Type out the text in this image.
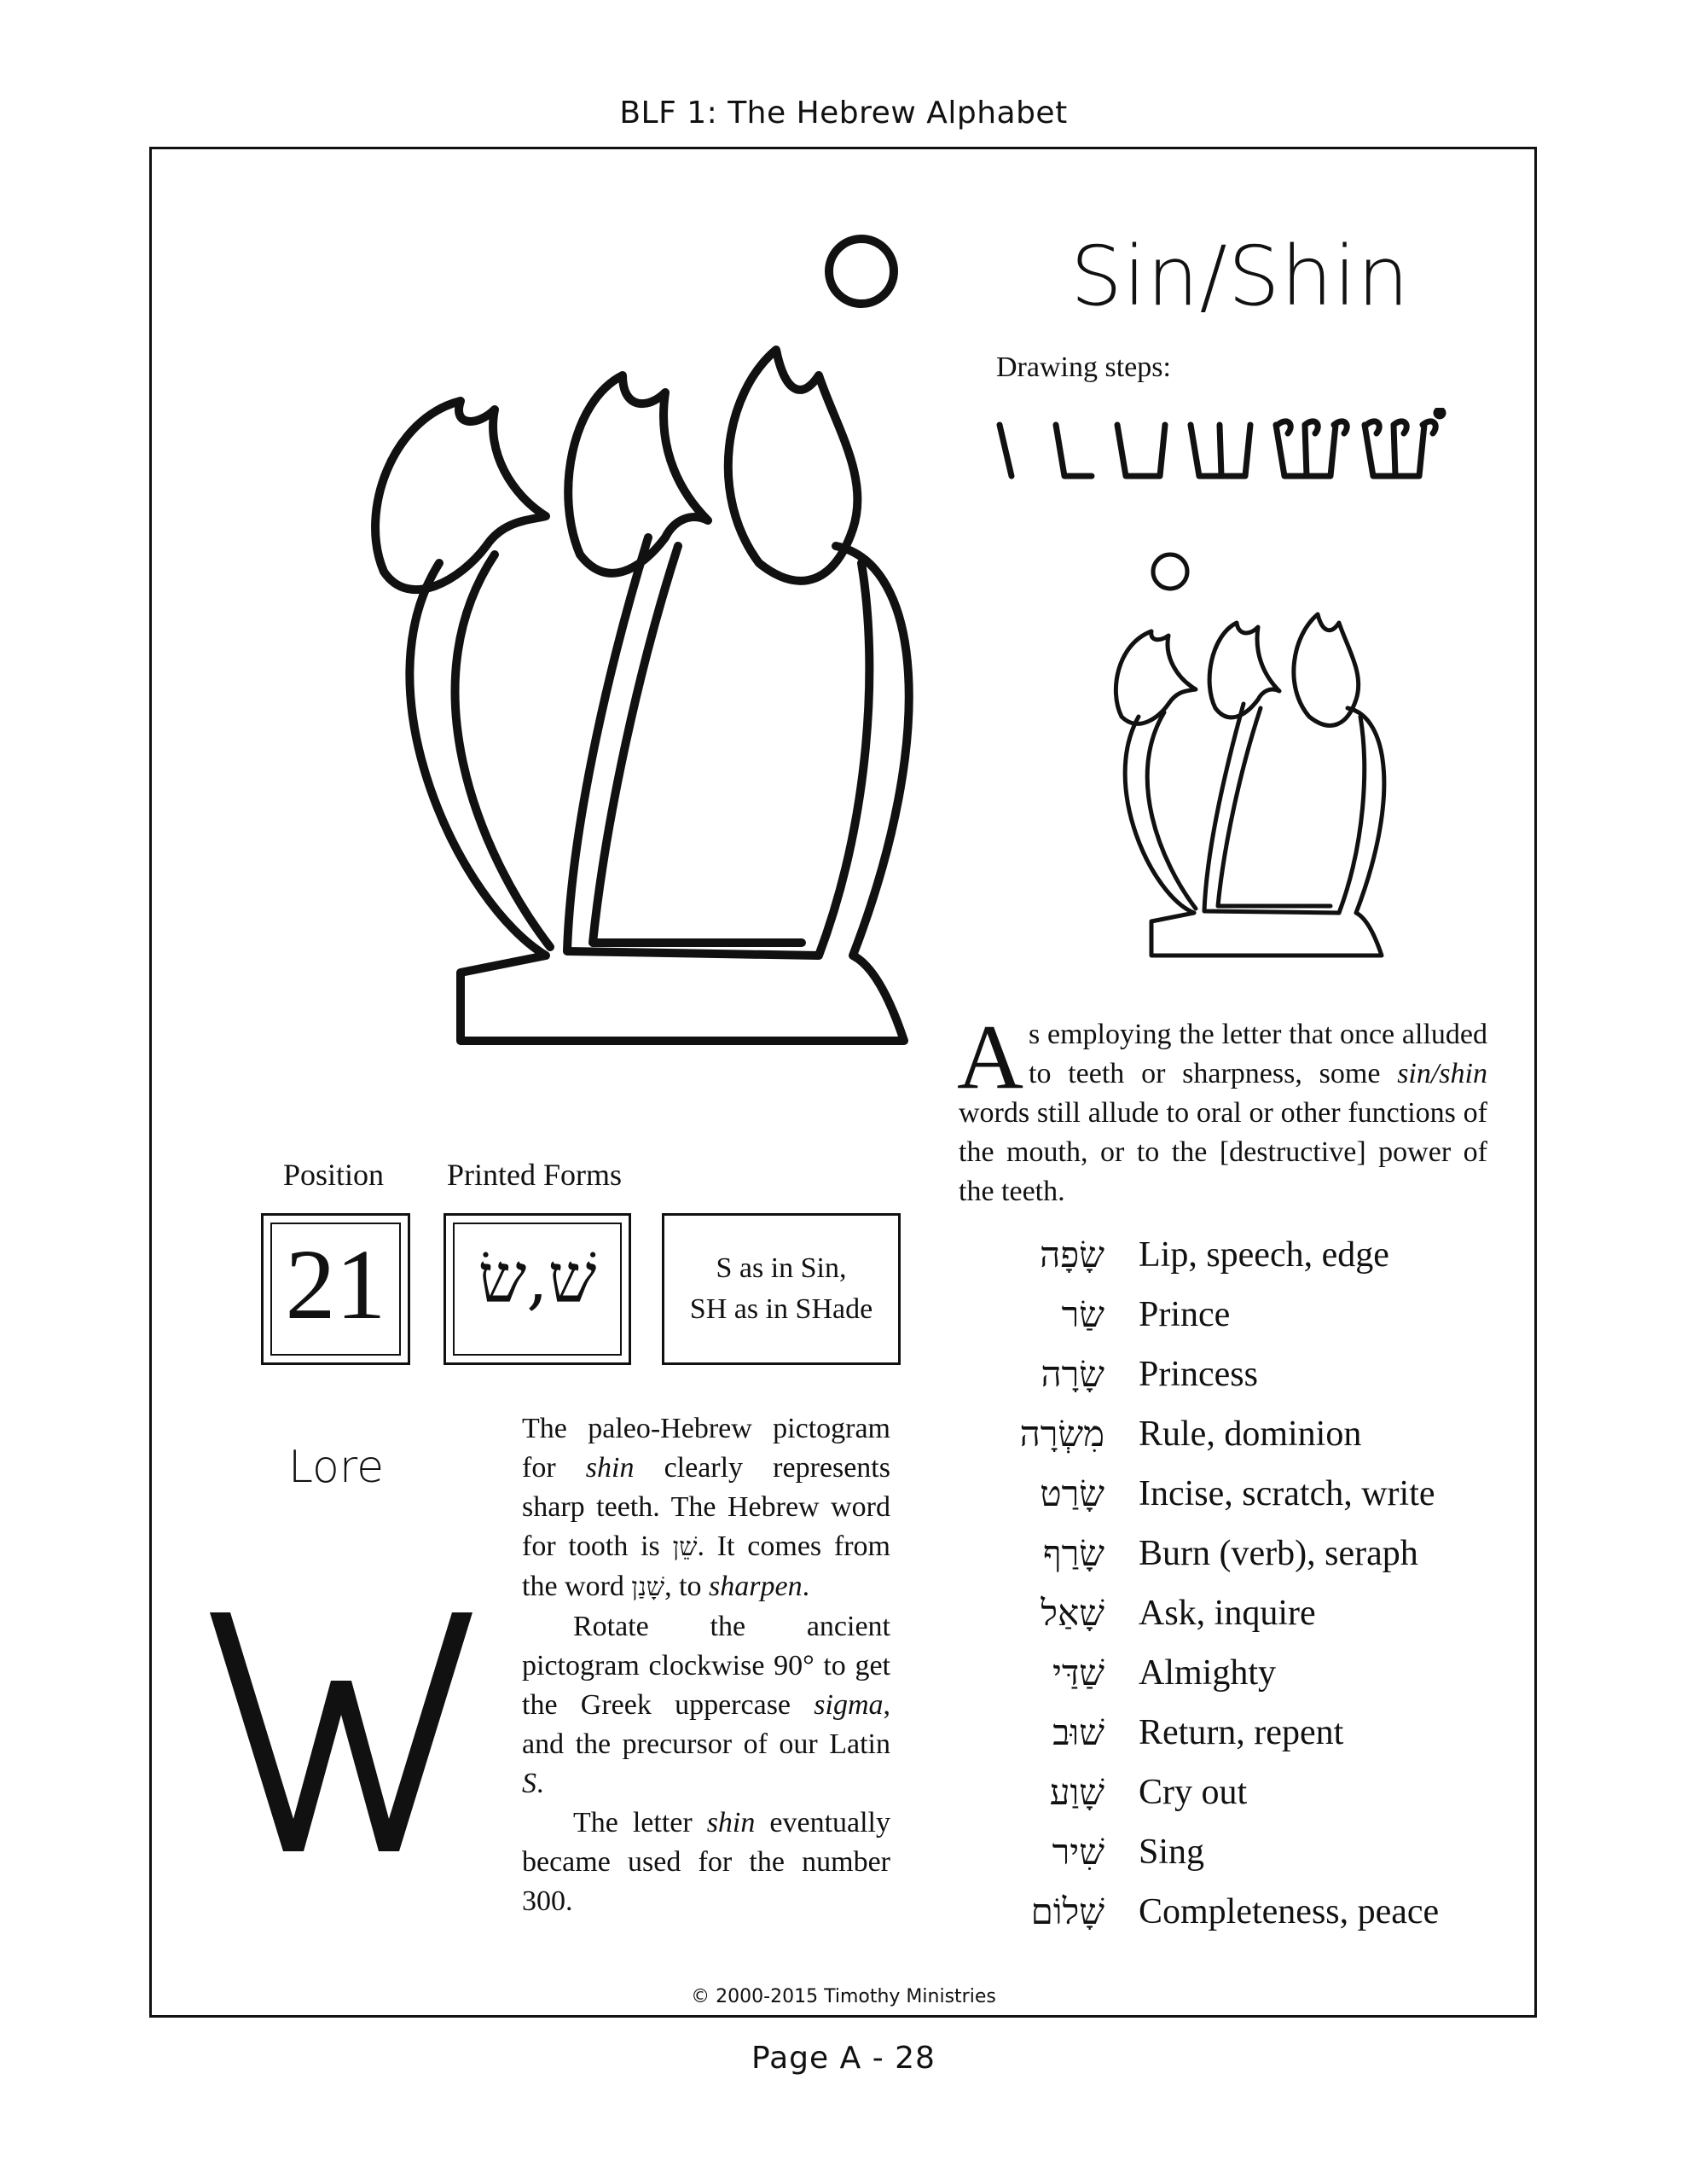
BLF 1: The Hebrew Alphabet
Sin/Shin
Drawing steps:
As employing the letter that once alluded to teeth or sharpness, some sin/shin words still allude to oral or other functions of the mouth, or to the [destructive] power of the teeth.
Position Printed Forms
21	שׁ,שׂ	S as in Sin,
SH as in SHade
Lore

The paleo-Hebrew pictogram for shin clearly represents sharp teeth. The Hebrew word for tooth is שֵׁן. It comes from the word שָׁנַן, to sharpen.

Rotate the ancient pictogram clockwise 90° to get the Greek uppercase sigma, and the precursor of our Latin S.

The letter shin eventually became used for the number 300.

שָׂפָה Lip, speech, edge
שַׂר Prince
שָׂרָה Princess
מִשְׂרָה Rule, dominion
שָׂרַט Incise, scratch, write
שָׂרַף Burn (verb), seraph
שָׁאַל Ask, inquire
שַׁדַּי Almighty
שׁוּב Return, repent
שָׁוַע Cry out
שִׁיר Sing
שָׁלוֹם Completeness, peace
© 2000-2015 Timothy Ministries
Page A - 28
